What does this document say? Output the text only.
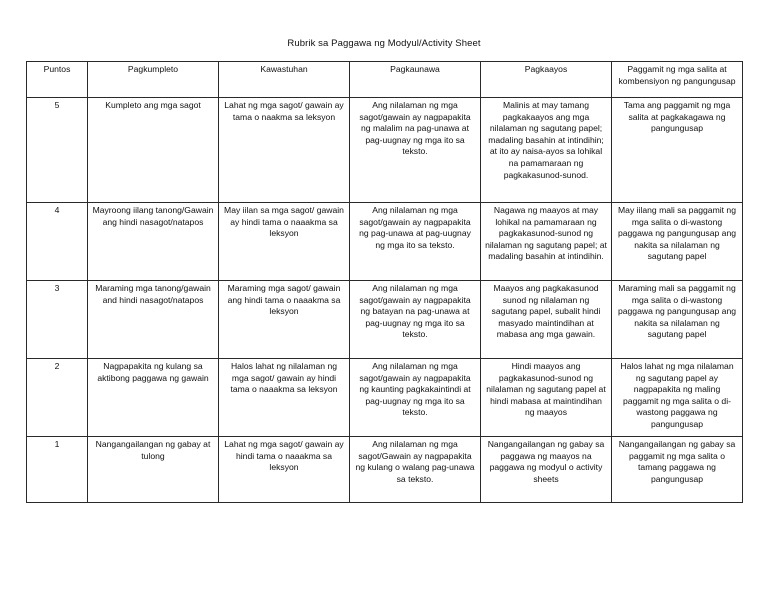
Rubrik sa Paggawa ng Modyul/Activity Sheet
Puntos	Pagkumpleto	Kawastuhan	Pagkaunawa	Pagkaayos	Paggamit ng mga salita at kombensiyon ng pangungusap
5	Kumpleto ang mga sagot	Lahat ng mga sagot/ gawain ay tama o naakma sa leksyon	Ang nilalaman ng mga sagot/gawain ay nagpapakita ng malalim na pag-unawa at pag-uugnay ng mga ito sa teksto.	Malinis at may tamang pagkakaayos ang mga nilalaman ng sagutang papel; madaling basahin at intindihin; at ito ay naisa-ayos sa lohikal na pamamaraan ng pagkakasunod-sunod.	Tama ang paggamit ng mga salita at pagkakagawa ng pangungusap
4	Mayroong iilang tanong/Gawain ang hindi nasagot/natapos	May iilan sa mga sagot/ gawain ay hindi tama o naaakma sa leksyon	Ang nilalaman ng mga sagot/gawain ay nagpapakita ng pag-unawa at pag-uugnay ng mga ito sa teksto.	Nagawa ng maayos at may lohikal na pamamaraan ng pagkakasunod-sunod ng nilalaman ng sagutang papel; at madaling basahin at intindihin.	May iilang mali sa paggamit ng mga salita o di-wastong paggawa ng pangungusap ang nakita sa nilalaman ng sagutang papel
3	Maraming mga tanong/gawain and hindi nasagot/natapos	Maraming mga sagot/ gawain ang hindi tama o naaakma sa leksyon	Ang nilalaman ng mga sagot/gawain ay nagpapakita ng batayan na pag-unawa at pag-uugnay ng mga ito sa teksto.	Maayos ang pagkakasunod sunod ng nilalaman ng sagutang papel, subalit hindi masyado maintindihan at mabasa ang mga gawain.	Maraming mali sa paggamit ng mga salita o di-wastong paggawa ng pangungusap ang nakita sa nilalaman ng sagutang papel
2	Nagpapakita ng kulang sa aktibong paggawa ng gawain	Halos lahat ng nilalaman ng mga sagot/ gawain ay hindi tama o naaakma sa leksyon	Ang nilalaman ng mga sagot/gawain ay nagpapakita ng kaunting pagkakaintindi at pag-uugnay ng mga ito sa teksto.	Hindi maayos ang pagkakasunod-sunod ng nilalaman ng sagutang papel at hindi mabasa at maintindihan ng maayos	Halos lahat ng mga nilalaman ng sagutang papel ay nagpapakita ng maling paggamit ng mga salita o di-wastong paggawa ng pangungusap
1	Nangangailangan ng gabay at tulong	Lahat ng mga sagot/ gawain ay hindi tama o naaakma sa leksyon	Ang nilalaman ng mga sagot/Gawain ay nagpapakita ng kulang o walang pag-unawa sa teksto.	Nangangailangan ng gabay sa paggawa ng maayos na paggawa ng modyul o activity sheets	Nangangailangan ng gabay sa paggamit ng mga salita o tamang paggawa ng pangungusap
